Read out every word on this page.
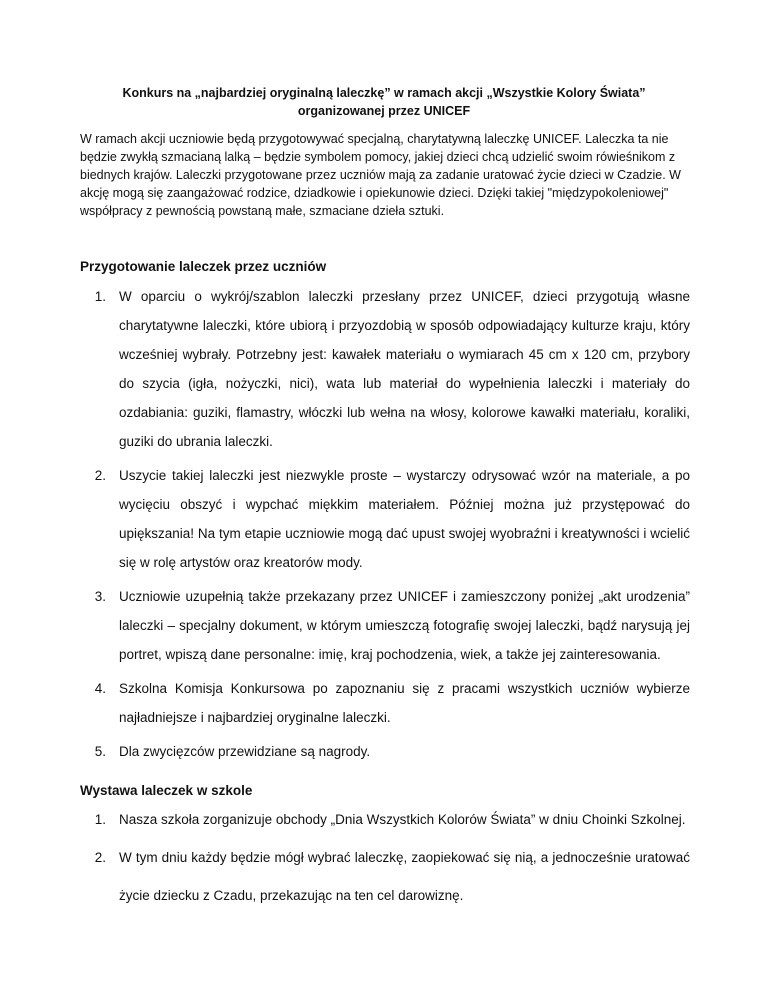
Konkurs na „najbardziej oryginalną laleczkę” w ramach akcji „Wszystkie Kolory Świata”
organizowanej przez UNICEF
W ramach akcji uczniowie będą przygotowywać specjalną, charytatywną laleczkę UNICEF. Laleczka ta nie będzie zwykłą szmacianą lalką – będzie symbolem pomocy, jakiej dzieci chcą udzielić swoim rówieśnikom z biednych krajów. Laleczki przygotowane przez uczniów mają za zadanie uratować życie dzieci w Czadzie. W akcję mogą się zaangażować rodzice, dziadkowie i opiekunowie dzieci. Dzięki takiej "międzypokoleniowej" współpracy z pewnością powstaną małe, szmaciane dzieła sztuki.
Przygotowanie laleczek przez uczniów
1. W oparciu o wykrój/szablon laleczki przesłany przez UNICEF, dzieci przygotują własne charytatywne laleczki, które ubiorą i przyozdobią w sposób odpowiadający kulturze kraju, który wcześniej wybrały. Potrzebny jest: kawałek materiału o wymiarach 45 cm x 120 cm, przybory do szycia (igła, nożyczki, nici), wata lub materiał do wypełnienia laleczki i materiały do ozdabiania: guziki, flamastry, włóczki lub wełna na włosy, kolorowe kawałki materiału, koraliki, guziki do ubrania laleczki.
2. Uszycie takiej laleczki jest niezwykle proste – wystarczy odrysować wzór na materiale, a po wycięciu obszyć i wypchać miękkim materiałem. Później można już przystępować do upiększania! Na tym etapie uczniowie mogą dać upust swojej wyobraźni i kreatywności i wcielić się w rolę artystów oraz kreatorów mody.
3. Uczniowie uzupełnią także przekazany przez UNICEF i zamieszczony poniżej „akt urodzenia” laleczki – specjalny dokument, w którym umieszczą fotografię swojej laleczki, bądź narysują jej portret, wpiszą dane personalne: imię, kraj pochodzenia, wiek, a także jej zainteresowania.
4. Szkolna Komisja Konkursowa po zapoznaniu się z pracami wszystkich uczniów wybierze najładniejsze i najbardziej oryginalne laleczki.
5. Dla zwycięzców przewidziane są nagrody.
Wystawa laleczek w szkole
1. Nasza szkoła zorganizuje obchody „Dnia Wszystkich Kolorów Świata” w dniu Choinki Szkolnej.
2. W tym dniu każdy będzie mógł wybrać laleczkę, zaopiekować się nią, a jednocześnie uratować życie dziecku z Czadu, przekazując na ten cel darowiznę.
